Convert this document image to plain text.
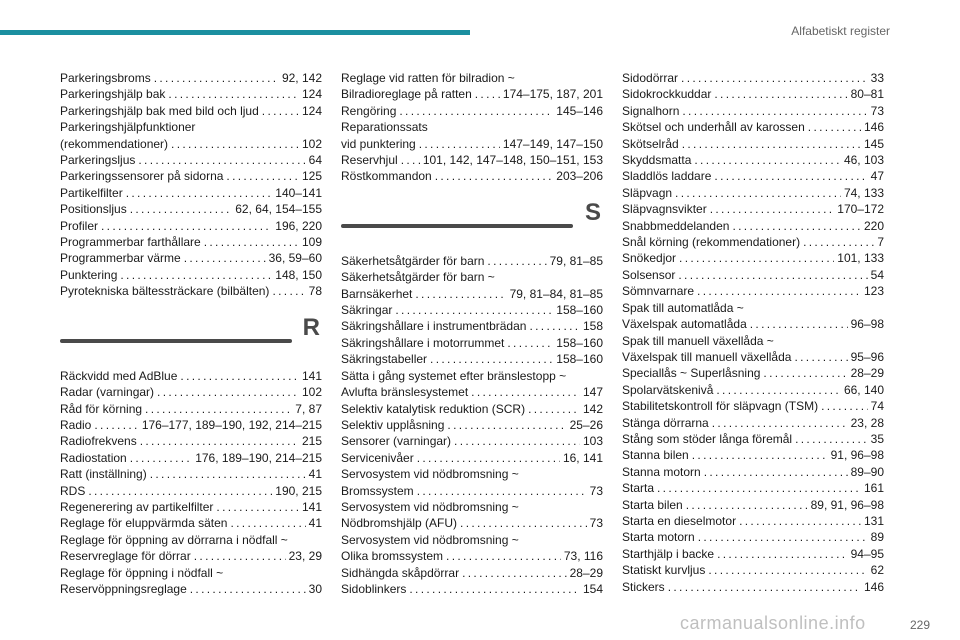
Alfabetiskt register
Parkeringsbroms . . .	92, 142
Parkeringshjälp bak . . .	124
Parkeringshjälp bak med bild och ljud . . .	124
Parkeringshjälpfunktioner
(rekommendationer) . . .	102
Parkeringsljus . . .	64
Parkeringssensorer på sidorna . . .	125
Partikelfilter . . .	140–141
Positionsljus . . .	62, 64, 154–155
Profiler . . .	196, 220
Programmerbar farthållare . . .	109
Programmerbar värme . . .	36, 59–60
Punktering . . .	148, 150
Pyrotekniska bältessträckare (bilbälten) . . .	78
R
Räckvidd med AdBlue . . .	141
Radar (varningar) . . .	102
Råd för körning . . .	7, 87
Radio . . .	176–177, 189–190, 192, 214–215
Radiofrekvens . . .	215
Radiostation . . .	176, 189–190, 214–215
Ratt (inställning) . . .	41
RDS . . .	190, 215
Regenerering av partikelfilter . . .	141
Reglage för eluppvärmda säten . . .	41
Reglage för öppning av dörrarna i nödfall ~
Reservreglage för dörrar . . .	23, 29
Reglage för öppning i nödfall ~
Reservöppningsreglage . . .	30
Reglage vid ratten för bilradion ~
Bilradioreglage på ratten . . .	174–175, 187, 201
Rengöring . . .	145–146
Reparationssats
vid punktering . . .	147–149, 147–150
Reservhjul . . . 101, 142, 147–148, 150–151, 153
Röstkommandon . . .	203–206
S
Säkerhetsåtgärder för barn . . .	79, 81–85
Säkerhetsåtgärder för barn ~
Barnsäkerhet . . .	79, 81–84, 81–85
Säkringar . . .	158–160
Säkringshållare i instrumentbrädan . . .	158
Säkringshållare i motorrummet . . .	158–160
Säkringstabeller . . .	158–160
Sätta i gång systemet efter bränslestopp ~
Avlufta bränslesystemet . . .	147
Selektiv katalytisk reduktion (SCR) . . .	142
Selektiv upplåsning . . .	25–26
Sensorer (varningar) . . .	103
Servicenivåer . . .	16, 141
Servosystem vid nödbromsning ~
Bromssystem . . .	73
Servosystem vid nödbromsning ~
Nödbromshjälp (AFU) . . .	73
Servosystem vid nödbromsning ~
Olika bromssystem . . .	73, 116
Sidhängda skåpdörrar . . .	28–29
Sidoblinkers . . .	154
Sidodörrar . . .	33
Sidokrockkuddar . . .	80–81
Signalhorn . . .	73
Skötsel och underhåll av karossen . . .	146
Skötselråd . . .	145
Skyddsmatta . . .	46, 103
Sladdlös laddare . . .	47
Släpvagn . . .	74, 133
Släpvagnsvikter . . .	170–172
Snabbmeddelanden . . .	220
Snål körning (rekommendationer) . . .	7
Snökedjor . . .	101, 133
Solsensor . . .	54
Sömnvarnare . . .	123
Spak till automatlåda ~
Växelspak automatlåda . . .	96–98
Spak till manuell växellåda ~
Växelspak till manuell växellåda . . .	95–96
Speciallås ~ Superlåsning . . .	28–29
Spolarvätskenivå . . .	66, 140
Stabilitetskontroll för släpvagn (TSM) . . .	74
Stänga dörrarna . . .	23, 28
Stång som stöder långa föremål . . .	35
Stanna bilen . . .	91, 96–98
Stanna motorn . . .	89–90
Starta . . .	161
Starta bilen . . .	89, 91, 96–98
Starta en dieselmotor . . .	131
Starta motorn . . .	89
Starthjälp i backe . . .	94–95
Statiskt kurvljus . . .	62
Stickers . . .	146
carmanualsonline.info	229
